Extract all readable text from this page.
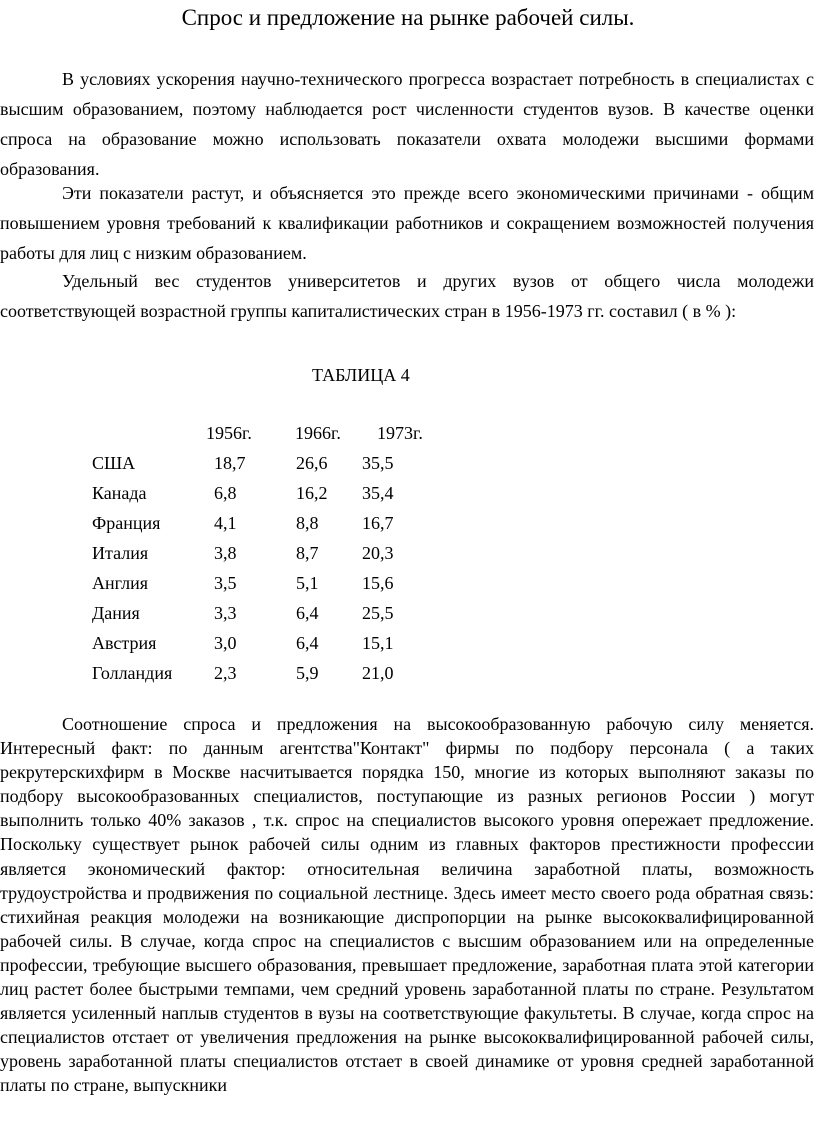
Спрос и предложение на рынке рабочей силы.

В условиях ускорения научно-технического прогресса возрастает потребность в специалистах с высшим образованием, поэтому наблюдается рост численности студентов вузов. В качестве оценки спроса на образование можно использовать показатели охвата молодежи высшими формами образования.

Эти показатели растут, и объясняется это прежде всего экономическими причинами - общим повышением уровня требований к квалификации работников и сокращением возможностей получения работы для лиц с низким образованием.

Удельный вес студентов университетов и других вузов от общего числа молодежи соответствующей возрастной группы капиталистических стран в 1956-1973 гг. составил ( в % ):

ТАБЛИЦА 4
1956г. 1966г. 1973г.
США	18,7	26,6 35,5
Канада	6,8	16,2 35,4
Франция	4,1	8,8 16,7
Италия	3,8	8,7 20,3
Англия	3,5	5,1 15,6
Дания	3,3	6,4 25,5
Австрия	3,0	6,4 15,1
Голландия 2,3	5,9 21,0

Соотношение спроса и предложения на высокообразованную рабочую силу меняется. Интересный факт: по данным агентства"Контакт" фирмы по подбору персонала ( а таких рекрутерскихфирм в Москве насчитывается порядка 150, многие из которых выполняют заказы по подбору высокообразованных специалистов, поступающие из разных регионов России ) могут выполнить только 40% заказов , т.к. спрос на специалистов высокого уровня опережает предложение. Поскольку существует рынок рабочей силы одним из главных факторов престижности профессии является экономический фактор: относительная величина заработной платы, возможность трудоустройства и продвижения по социальной лестнице. Здесь имеет место своего рода обратная связь: стихийная реакция молодежи на возникающие диспропорции на рынке высококвалифицированной рабочей силы. В случае, когда спрос на специалистов с высшим образованием или на определенные профессии, требующие высшего образования, превышает предложение, заработная плата этой категории лиц растет более быстрыми темпами, чем средний уровень заработанной платы по стране. Результатом является усиленный наплыв студентов в вузы на соответствующие факультеты. В случае, когда спрос на специалистов отстает от увеличения предложения на рынке высококвалифицированной рабочей силы, уровень заработанной платы специалистов отстает в своей динамике от уровня средней заработанной платы по стране, выпускники
